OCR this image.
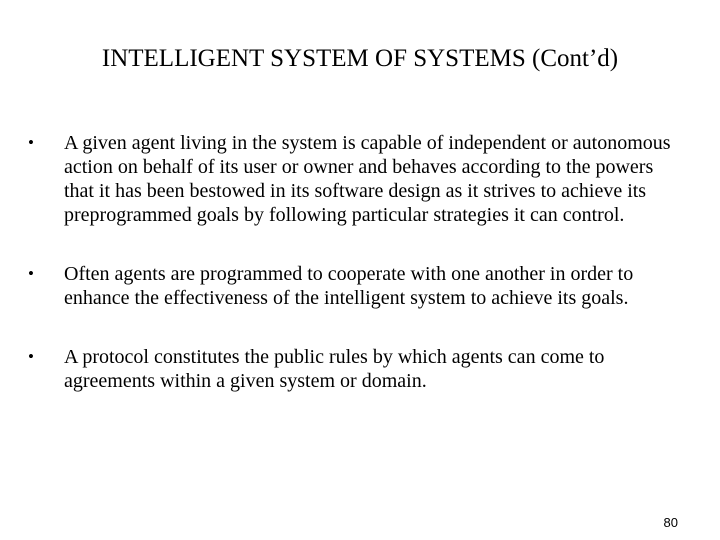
INTELLIGENT SYSTEM OF SYSTEMS (Cont’d)
• A given agent living in the system is capable of independent or autonomous action on behalf of its user or owner and behaves according to the powers that it has been bestowed in its software design as it strives to achieve its preprogrammed goals by following particular strategies it can control.
• Often agents are programmed to cooperate with one another in order to enhance the effectiveness of the intelligent system to achieve its goals.
• A protocol constitutes the public rules by which agents can come to agreements within a given system or domain.
80
